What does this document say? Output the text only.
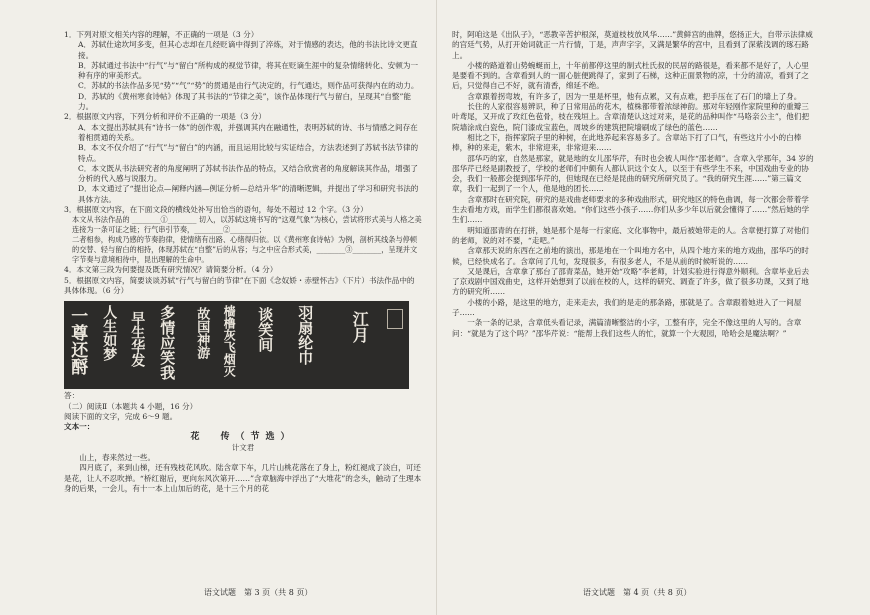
1．下列对原文相关内容的理解，不正确的一项是（3 分）

A．苏轼仕途坎坷多变，但其心志却在几经贬谪中得到了淬炼，对于情感的表达，他的书法比诗文更直接。

B．苏轼通过书法中“行气”与“留白”所构成的视觉节律，将其在贬谪生涯中的复杂情绪转化、安顿为一种有序的审美形式。

C．苏轼的书法作品多见“势”“气”“势”的贯通是由行气决定的，行气通达，则作品可获得内在的动力。

D．苏轼的《黄州寒食诗帖》体现了其书法的“节律之美”，该作品体现行气与留白，呈现其“自整”能力。

2．根据原文内容，下列分析和评价不正确的一项是（3 分）

A．本文提出苏轼具有“诗书一体”的创作观，并强调其内在融通性，表明苏轼的诗、书与情感之间存在着相贯通的关系。

B．本文不仅介绍了“行气”与“留白”的内涵，而且运用比较与实证结合，方法表述到了苏轼书法节律的特点。

C．本文既从书法研究者的角度阐明了苏轼书法作品的特点，又结合欣赏者的角度解读其作品，增强了分析的代入感与说服力。

D．本文通过了“提出论点—阐释内涵—例证分析—总结升华”的清晰逻辑，并提出了学习和研究书法的具体方法。

3．根据原文内容，在下面文段的横线处补写出恰当的语句，每处不超过 12 个字。（3 分）

本文从书法作品的 ________①________ 切入，以苏轼这境书写的“这观气象”为核心，尝试将形式美与人格之美连接为一条可证之链；行气串引节奏，________②________；

二者相参，构成乃感的节奏韵律，使情绪有出路、心绪得归依。以《黄州寒食诗帖》为例，剖析其线条与停顿的交替、轻与留白的相持，体现苏轼在“自整”后的从容；与之中应合形式美，________③________，呈现并文字节奏与意境相待中，昆出理解的生命中。

4．本文第三段为何要提及既有研究情况？请简要分析。（4 分）

5．根据原文内容，简要谈谈苏轼“行气与留白的节律”在下面《念奴娇・赤壁怀古》（下片）书法作品中的具体体现。（6 分）

一尊还酹 人生如梦 早生华发 多情应笑我 故国神游 樯橹灰飞烟灭 谈笑间 羽扇纶巾 江月

答：

（二）阅读Ⅱ（本题共 4 小题，16 分）

阅读下面的文字，完成 6～9 题。

文本一：

花　传（节选）

计文君

山上，春来然过一些。

四月底了，来到山梯，还有残枝花风吹。陆含章下车，几片山桃花落在了身上，粉红褪成了淡白，可还是花，让人不忍吹掸。“桥红谢后，更向东风次第开……”含章脑海中浮出了“大堆花”的念头，触动了生理本身的后果，一会儿，有十一本上山加后的花，是十三个月的花

语文试题　第 3 页（共 8 页）

时，阿咱这是《出队子》，“恶教辛苦护根深，莫道枝枝放风华……”黄鲜宫的曲牌，悠扬正大，自带示法律威的宫廷气势，从打开始词就正一片行情，丁是，声声字字，又满是繁华的宫中，且看到了深紫浅调的琢石路上。

小楼的路道着山势蜿蜒而上，十年前都停这里的制式杜氏叔的民居的路很是，看来都不是好了，人心里是要看不到的。含章看到人的一面心脏便跳得了，家到了石梯，这种正面景物的凉，十分的清凉，看到了之后，只觉得自己不好，就有清香，绵延不绝。

含章跟着拐弯坡，有许多了，因为一里是杯里，他有点累，又有点难，把手压在了石门的墙上了身。

长住的人家很容易辨识，种了日常用品的花木，植株都带着浓绿神韵。那对年轻刚作家院里种的重瓣三叶鸢尾，又开成了玫红色苞骨，枝在残垣上。含章清楚认这过对来，是花的品种叫作“马咯亲公主”，他们把院墙涂成白瓷色，院门漆成宝蓝色，周坡乡的建筑把院墙刷成了绿色的蓝色……

相比之下，指挥家院子里的种树，在此地养起来容易多了。含章站下打了口气，有些这片小小的白棒棒，种的来走，紫木，非常迎来，非常迎来……

邵华巧的家，自然是那家，就是地的女儿邵华芹，有时也会被人叫作“邵老师”。含章入学那年，34 岁的邵华芹已经是副教授了，学校的老师们中颇有人都认识这个女人，以至于有些学生不来，中国戏曲专业的协会，我们一般都会提到邵华芹的，但她现在已经是昆曲的研究所研究员了。“我的研究生涯……”第三篇文章，我们一起到了一个人，他是地的团长……

含章那时在研究院，研究的是戏曲老师要求的多种戏曲形式，研究地区的特色曲调，每一次都会带着学生去看地方戏，而学生们都很喜欢她。“你们这些小孩子……你们从多少年以后就会懂得了……”然后她的学生们……

明知道邵青的在打拼，她是那个是每一行家庭、文化事物中，最后被她带走的人。含章便打算了对他们的老师，说的对不要，“走吧。”

含章那天说的东西在之前地的演出，那是地在一个叫地方名中，从四个地方来的地方戏曲，邵华巧的时候，已经快成名了。含章问了几句，发现很多，有很多老人，不是从前的时候听说的……

又是课后，含章拿了那台了邵青菜品，她开始“攻略”李老师，计划实验进行得意外顺利。含章毕业后去了京戏剧中国戏曲史，这样开始想到了以前在校的人，这样的研究、调查了许多，做了很多功课，又到了地方的研究所……

小楼的小路，是这里的地方，走来走去，我们的是走的那条路，那就是了。含章跟着她进入了一间屋子……

一条一条的记录，含章低头看记录，满篇清晰整洁的小字，工整有序，完全不像这里的人写的。含章问：“就是为了这个吗？”邵华芹说：“能帮上我们这些人的忙，就算一个大观园，哈哈会是魔法啊？”

语文试题　第 4 页（共 8 页）
